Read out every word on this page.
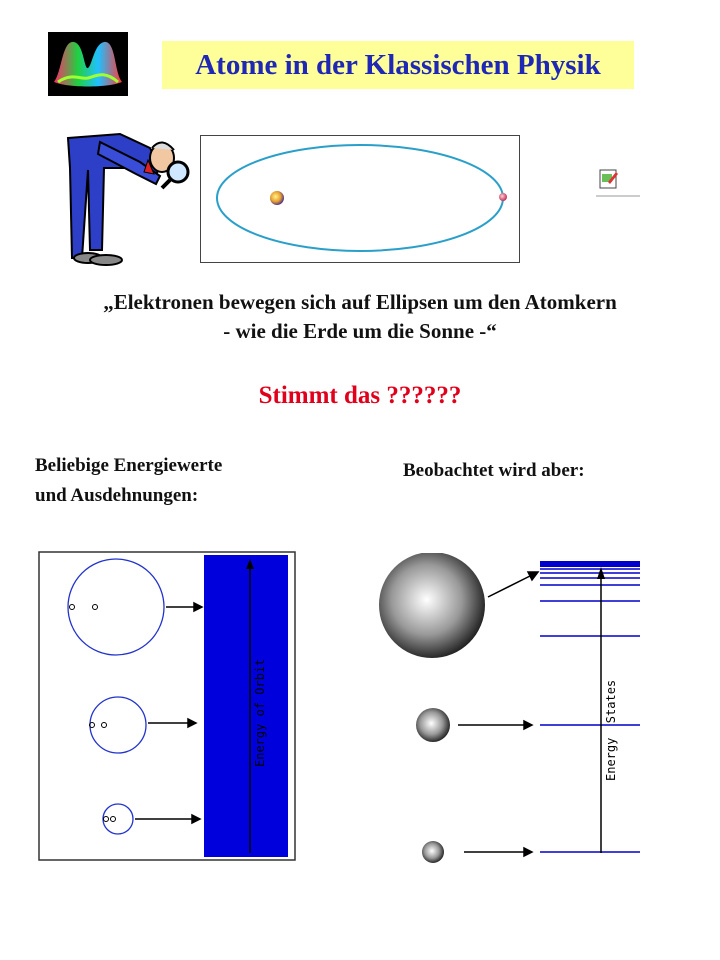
Atome in der Klassischen Physik
„Elektronen bewegen sich auf Ellipsen um den Atomkern
- wie die Erde um die Sonne -“
Stimmt das ??????
Beliebige Energiewerte
und Ausdehnungen:
Beobachtet wird aber:
Energy of Orbit	Energy  States
